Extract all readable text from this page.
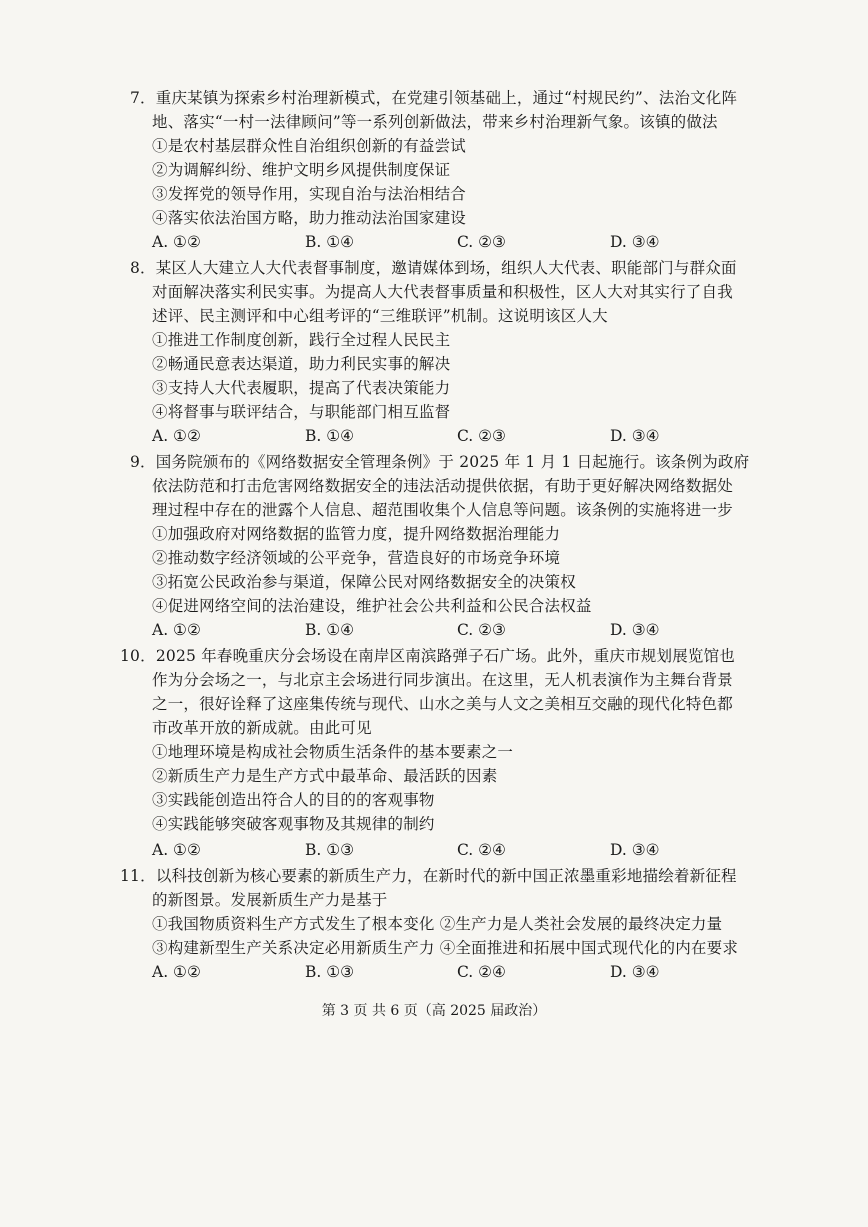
7．重庆某镇为探索乡村治理新模式，在党建引领基础上，通过“村规民约”、法治文化阵
地、落实“一村一法律顾问”等一系列创新做法，带来乡村治理新气象。该镇的做法
①是农村基层群众性自治组织创新的有益尝试
②为调解纠纷、维护文明乡风提供制度保证
③发挥党的领导作用，实现自治与法治相结合
④落实依法治国方略，助力推动法治国家建设
A. ①②	B. ①④	C. ②③	D. ③④
8．某区人大建立人大代表督事制度，邀请媒体到场，组织人大代表、职能部门与群众面
对面解决落实利民实事。为提高人大代表督事质量和积极性，区人大对其实行了自我
述评、民主测评和中心组考评的“三维联评”机制。这说明该区人大
①推进工作制度创新，践行全过程人民民主
②畅通民意表达渠道，助力利民实事的解决
③支持人大代表履职，提高了代表决策能力
④将督事与联评结合，与职能部门相互监督
A. ①②	B. ①④	C. ②③	D. ③④
9．国务院颁布的《网络数据安全管理条例》于 2025 年 1 月 1 日起施行。该条例为政府
依法防范和打击危害网络数据安全的违法活动提供依据，有助于更好解决网络数据处
理过程中存在的泄露个人信息、超范围收集个人信息等问题。该条例的实施将进一步
①加强政府对网络数据的监管力度，提升网络数据治理能力
②推动数字经济领域的公平竞争，营造良好的市场竞争环境
③拓宽公民政治参与渠道，保障公民对网络数据安全的决策权
④促进网络空间的法治建设，维护社会公共利益和公民合法权益
A. ①②	B. ①④	C. ②③	D. ③④
10．2025 年春晚重庆分会场设在南岸区南滨路弹子石广场。此外，重庆市规划展览馆也
作为分会场之一，与北京主会场进行同步演出。在这里，无人机表演作为主舞台背景
之一，很好诠释了这座集传统与现代、山水之美与人文之美相互交融的现代化特色都
市改革开放的新成就。由此可见
①地理环境是构成社会物质生活条件的基本要素之一
②新质生产力是生产方式中最革命、最活跃的因素
③实践能创造出符合人的目的的客观事物
④实践能够突破客观事物及其规律的制约
A. ①②	B. ①③	C. ②④	D. ③④
11．以科技创新为核心要素的新质生产力，在新时代的新中国正浓墨重彩地描绘着新征程
的新图景。发展新质生产力是基于
①我国物质资料生产方式发生了根本变化 ②生产力是人类社会发展的最终决定力量
③构建新型生产关系决定必用新质生产力 ④全面推进和拓展中国式现代化的内在要求
A. ①②	B. ①③	C. ②④	D. ③④
第 3 页 共 6 页（高 2025 届政治）
